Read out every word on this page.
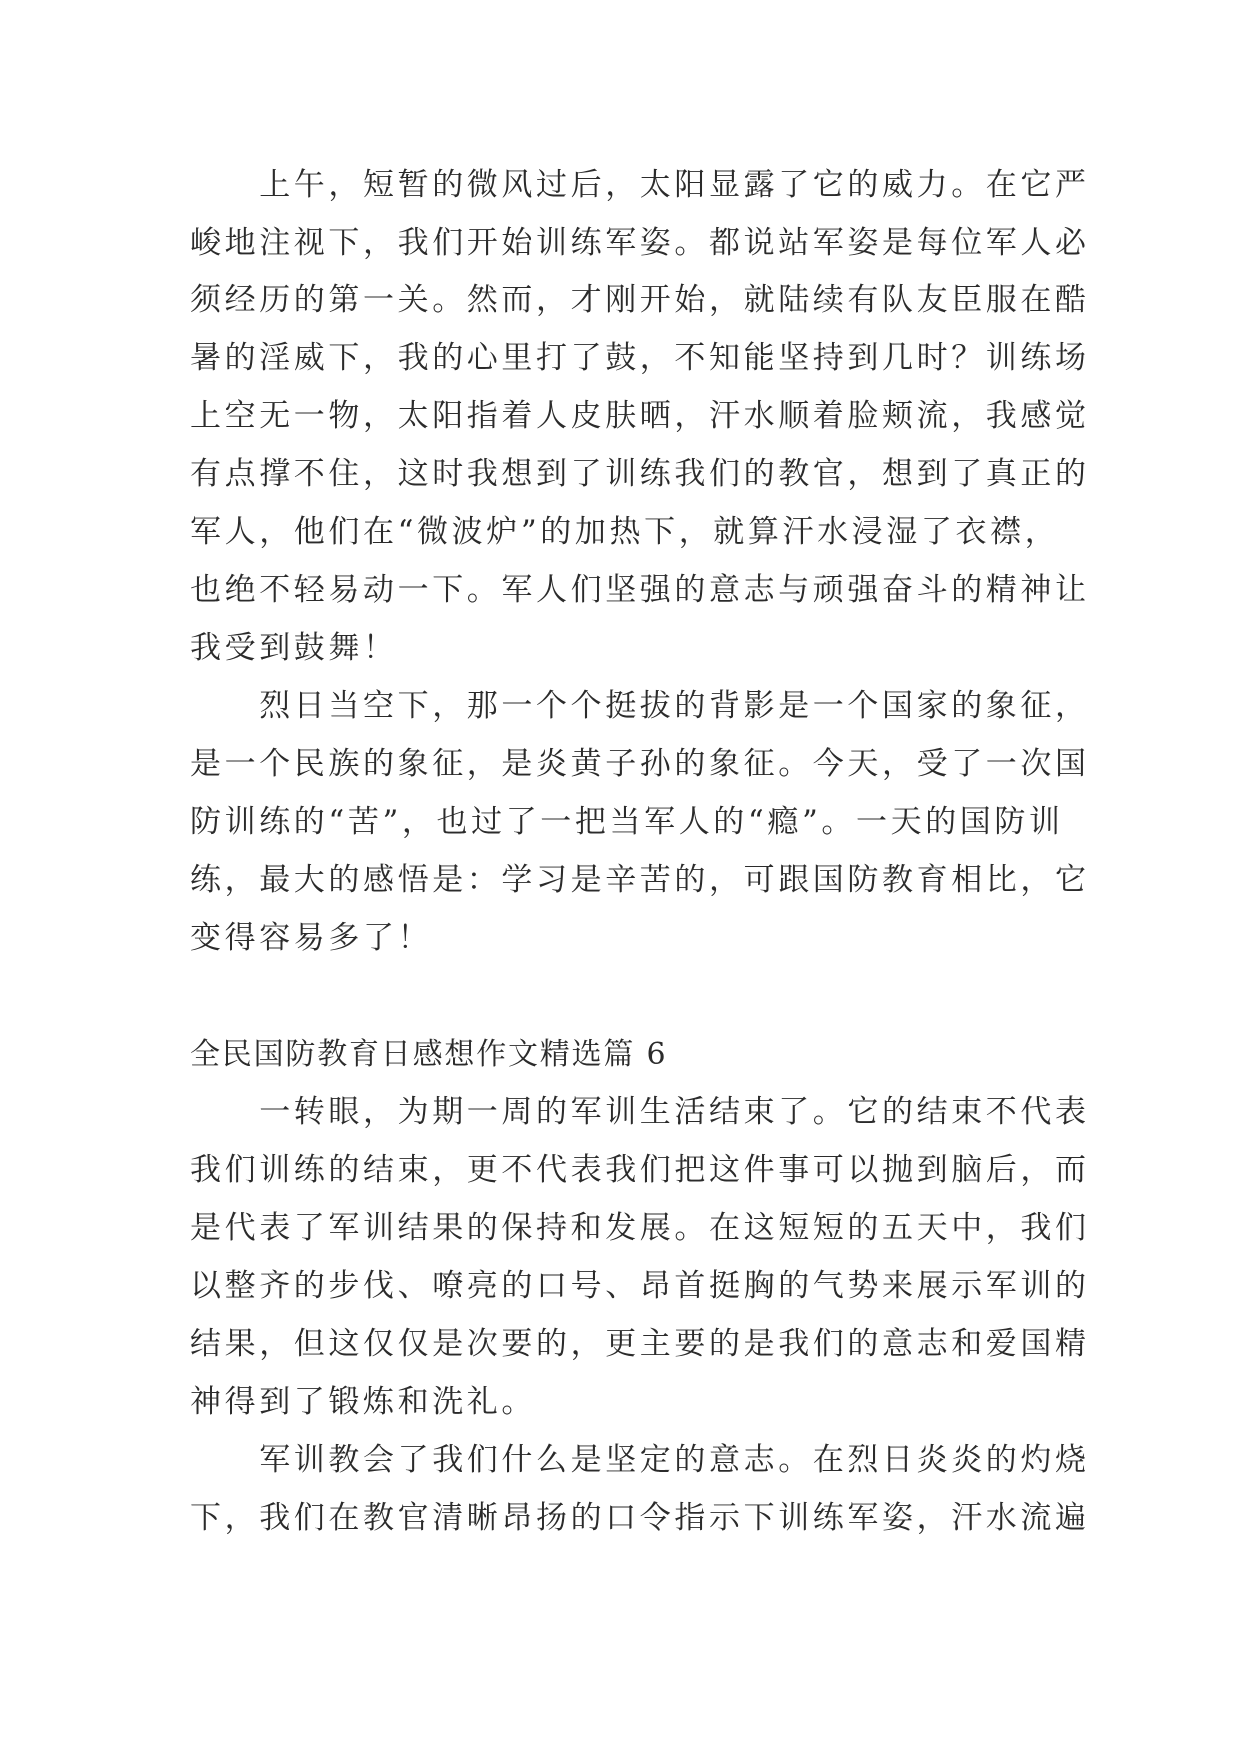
　　上午，短暂的微风过后，太阳显露了它的威力。在它严
峻地注视下，我们开始训练军姿。都说站军姿是每位军人必
须经历的第一关。然而，才刚开始，就陆续有队友臣服在酷
暑的淫威下，我的心里打了鼓，不知能坚持到几时？训练场
上空无一物，太阳指着人皮肤晒，汗水顺着脸颊流，我感觉
有点撑不住，这时我想到了训练我们的教官，想到了真正的
军人，他们在“微波炉”的加热下，就算汗水浸湿了衣襟，
也绝不轻易动一下。军人们坚强的意志与顽强奋斗的精神让
我受到鼓舞！
　　烈日当空下，那一个个挺拔的背影是一个国家的象征，
是一个民族的象征，是炎黄子孙的象征。今天，受了一次国
防训练的“苦”，也过了一把当军人的“瘾”。一天的国防训
练，最大的感悟是：学习是辛苦的，可跟国防教育相比，它
变得容易多了！
全民国防教育日感想作文精选篇 6
　　一转眼，为期一周的军训生活结束了。它的结束不代表
我们训练的结束，更不代表我们把这件事可以抛到脑后，而
是代表了军训结果的保持和发展。在这短短的五天中，我们
以整齐的步伐、嘹亮的口号、昂首挺胸的气势来展示军训的
结果，但这仅仅是次要的，更主要的是我们的意志和爱国精
神得到了锻炼和洗礼。
　　军训教会了我们什么是坚定的意志。在烈日炎炎的灼烧
下，我们在教官清晰昂扬的口令指示下训练军姿，汗水流遍
